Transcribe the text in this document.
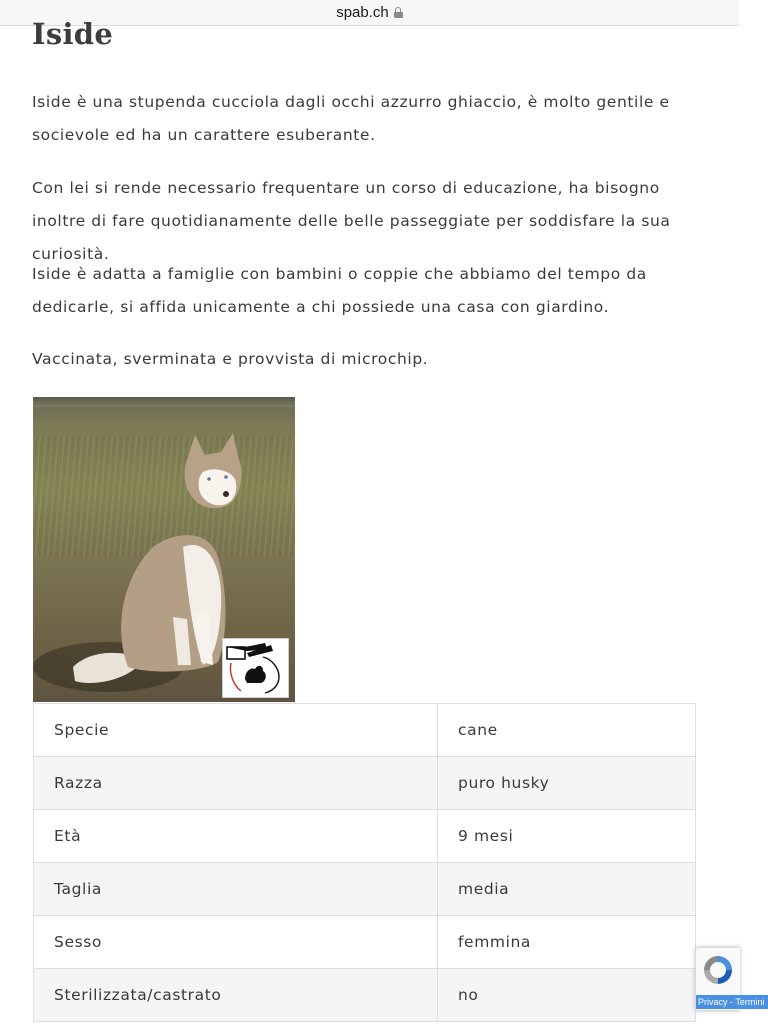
spab.ch
Iside

Iside è una stupenda cucciola dagli occhi azzurro ghiaccio, è molto gentile e socievole ed ha un carattere esuberante.

Con lei si rende necessario frequentare un corso di educazione, ha bisogno inoltre di fare quotidianamente delle belle passeggiate per soddisfare la sua curiosità.

Iside è adatta a famiglie con bambini o coppie che abbiamo del tempo da dedicarle, si affida unicamente a chi possiede una casa con giardino.

Vaccinata, sverminata e provvista di microchip.

Specie	cane
Razza	puro husky
Età	9 mesi
Taglia	media
Sesso	femmina
Sterilizzata/castrato	no	Privacy - Termini
